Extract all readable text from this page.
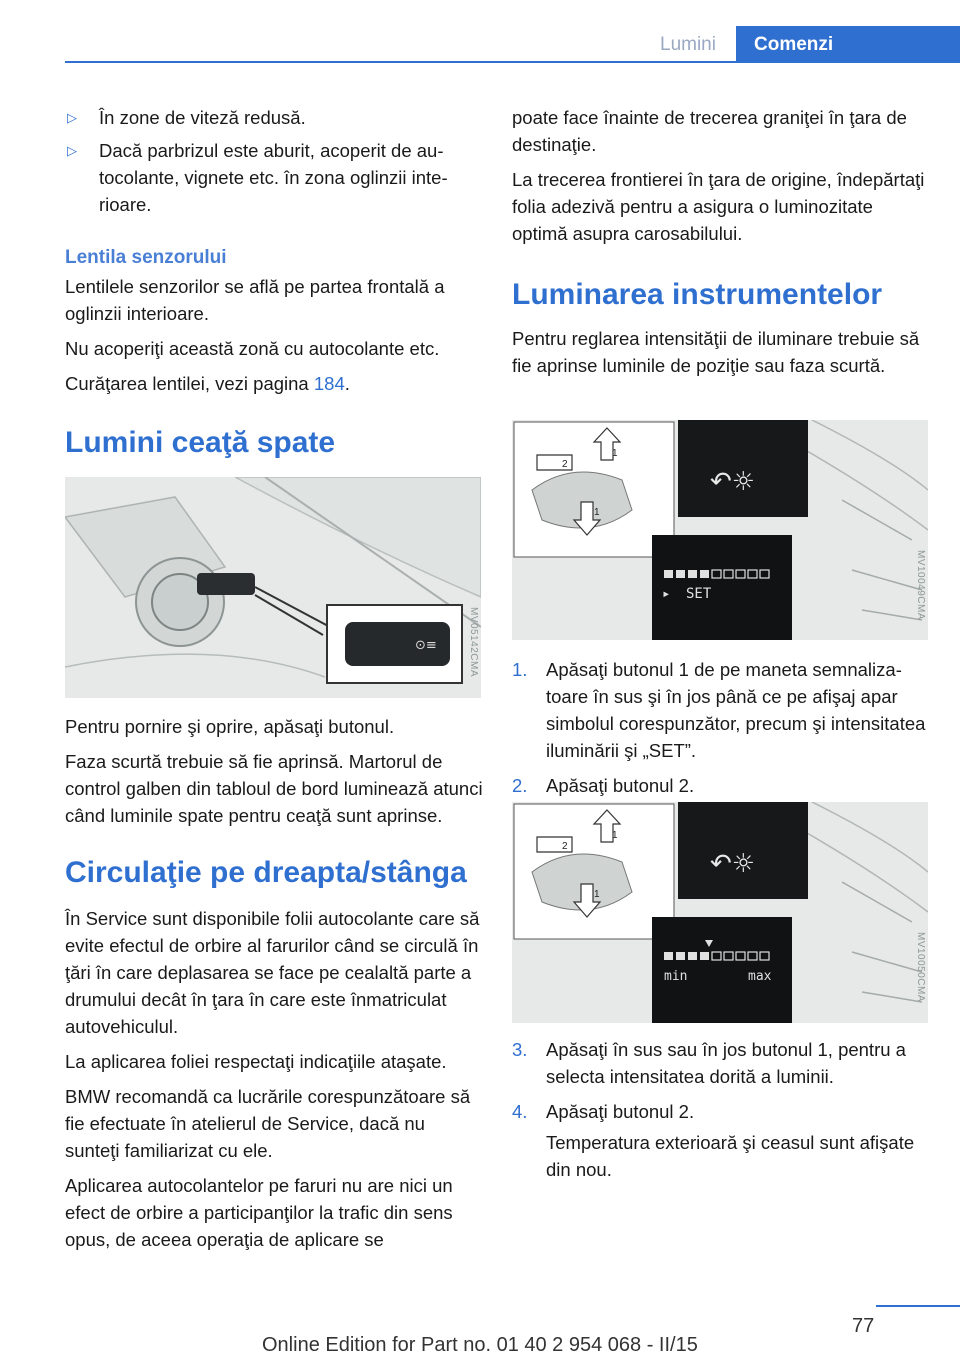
Lumini	Comenzi
▷ În zone de viteză redusă.
▷ Dacă parbrizul este aburit, acoperit de autocolante, vignete etc. în zona oglinzii interioare.
Lentila senzorului

Lentilele senzorilor se află pe partea frontală a oglinzii interioare.

Nu acoperiţi această zonă cu autocolante etc.

Curăţarea lentilei, vezi pagina 184.

Lumini ceaţă spate
⊙≡	MV05142CMA

Pentru pornire şi oprire, apăsaţi butonul.

Faza scurtă trebuie să fie aprinsă. Martorul de control galben din tabloul de bord luminează atunci când luminile spate pentru ceaţă sunt aprinse.

Circulaţie pe dreapta/stânga

În Service sunt disponibile folii autocolante care să evite efectul de orbire al farurilor când se circulă în ţări în care deplasarea se face pe cealaltă parte a drumului decât în ţara în care este înmatriculat autovehiculul.

La aplicarea foliei respectaţi indicaţiile ataşate.

BMW recomandă ca lucrările corespunzătoare să fie efectuate în atelierul de Service, dacă nu sunteţi familiarizat cu ele.

Aplicarea autocolantelor pe faruri nu are nici un efect de orbire a participanţilor la trafic din sens opus, de aceea operaţia de aplicare se

poate face înainte de trecerea graniţei în ţara de destinaţie.

La trecerea frontierei în ţara de origine, îndepărtaţi folia adezivă pentru a asigura o luminozitate optimă asupra carosabilului.

Luminarea instrumentelor

Pentru reglarea intensităţii de iluminare trebuie să fie aprinse luminile de poziţie sau faza scurtă.

1
2
1
↶☼
▸ SET	MV10049CMA
1. Apăsaţi butonul 1 de pe maneta semnalizatoare în sus şi în jos până ce pe afişaj apar simbolul corespunzător, precum şi intensitatea iluminării şi „SET”.
2. Apăsaţi butonul 2.
1
2
1
↶☼
min	max	MV10050CMA
3. Apăsaţi în sus sau în jos butonul 1, pentru a selecta intensitatea dorită a luminii.
4. Apăsaţi butonul 2.

Temperatura exterioară şi ceasul sunt afişate din nou.

77
Online Edition for Part no. 01 40 2 954 068 - II/15
